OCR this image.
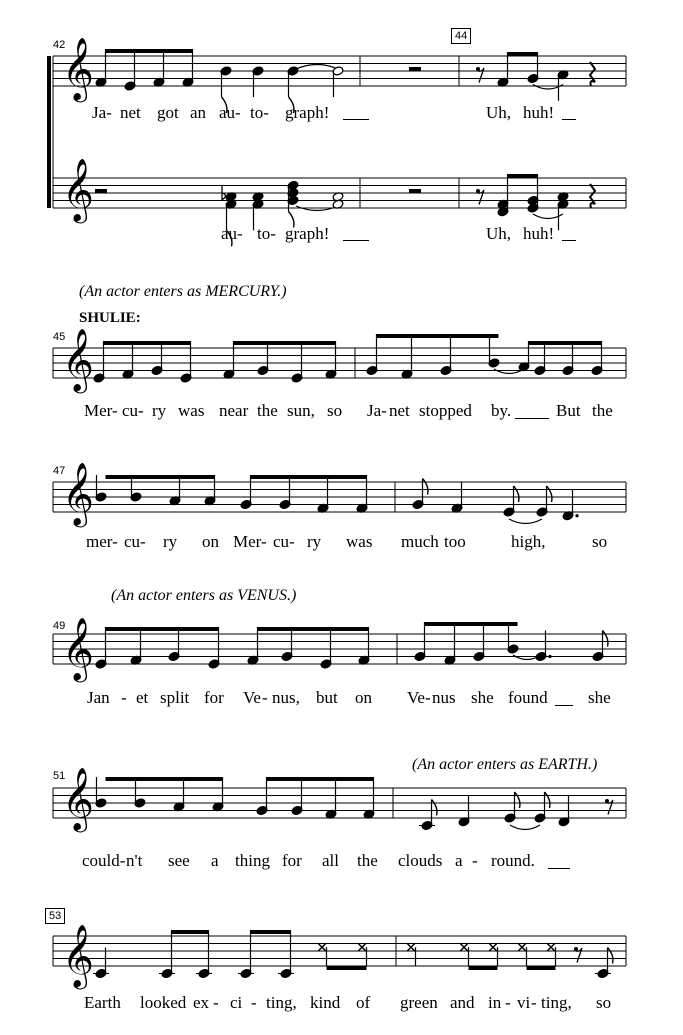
42
44
𝄞
𝄞
Ja- net got an au- to- graph!	Uh, huh!
au- to- graph!	Uh, huh!
(An actor enters as MERCURY.)
SHULIE:
45
𝄞
Mer- cu- ry was near the sun, so Ja- net stopped by.	But the
47
𝄞
mer- cu- ry on Mer- cu- ry was much too	high,	so
(An actor enters as VENUS.)
49
𝄞
Jan - et split for Ve - nus, but on Ve- nus she found she
(An actor enters as EARTH.)
51
𝄞
could- n't see a thing for all the clouds a - round.
53
𝄞
Earth looked ex - ci - ting, kind of green and in - vi - ting, so
